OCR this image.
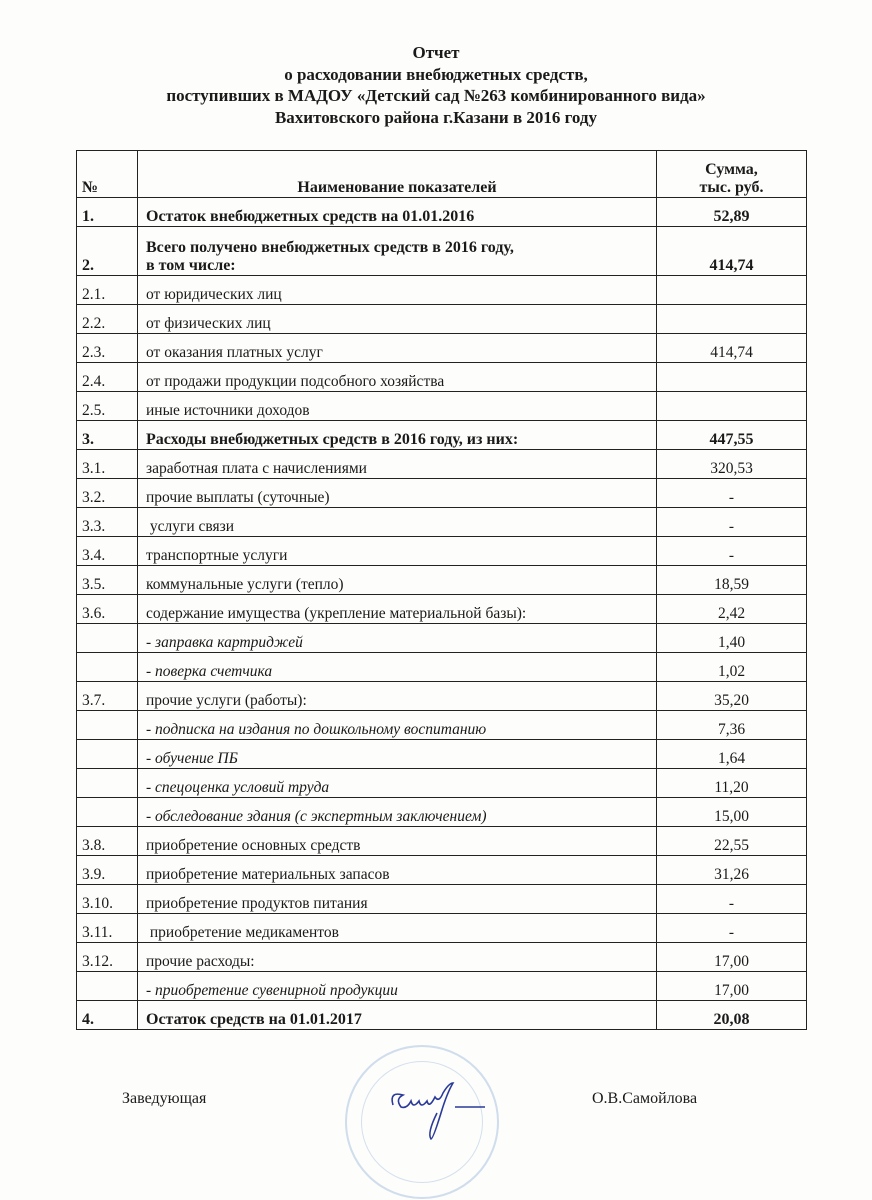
Отчет
о расходовании внебюджетных средств,
поступивших в МАДОУ «Детский сад №263 комбинированного вида»
Вахитовского района г.Казани в 2016 году
№	Наименование показателей	Сумма,
тыс. руб.

1.	Остаток внебюджетных средств на 01.01.2016	52,89
2.	Всего получено внебюджетных средств в 2016 году,
в том числе:	414,74
2.1.	от юридических лиц	
2.2.	от физических лиц	
2.3.	от оказания платных услуг	414,74
2.4.	от продажи продукции подсобного хозяйства	
2.5.	иные источники доходов	
3.	Расходы внебюджетных средств в 2016 году, из них:	447,55
3.1.	заработная плата с начислениями	320,53
3.2.	прочие выплаты (суточные)	-
3.3.	услуги связи	-
3.4.	транспортные услуги	-
3.5.	коммунальные услуги (тепло)	18,59
3.6.	содержание имущества (укрепление материальной базы):	2,42
	- заправка картриджей	1,40
	- поверка счетчика	1,02
3.7.	прочие услуги (работы):	35,20
	- подписка на издания по дошкольному воспитанию	7,36
	- обучение ПБ	1,64
	- спецоценка условий труда	11,20
	- обследование здания (с экспертным заключением)	15,00
3.8.	приобретение основных средств	22,55
3.9.	приобретение материальных запасов	31,26
3.10.	приобретение продуктов питания	-
3.11.	приобретение медикаментов	-
3.12.	прочие расходы:	17,00
	- приобретение сувенирной продукции	17,00
4.	Остаток средств на 01.01.2017	20,08
Заведующая	О.В.Самойлова
